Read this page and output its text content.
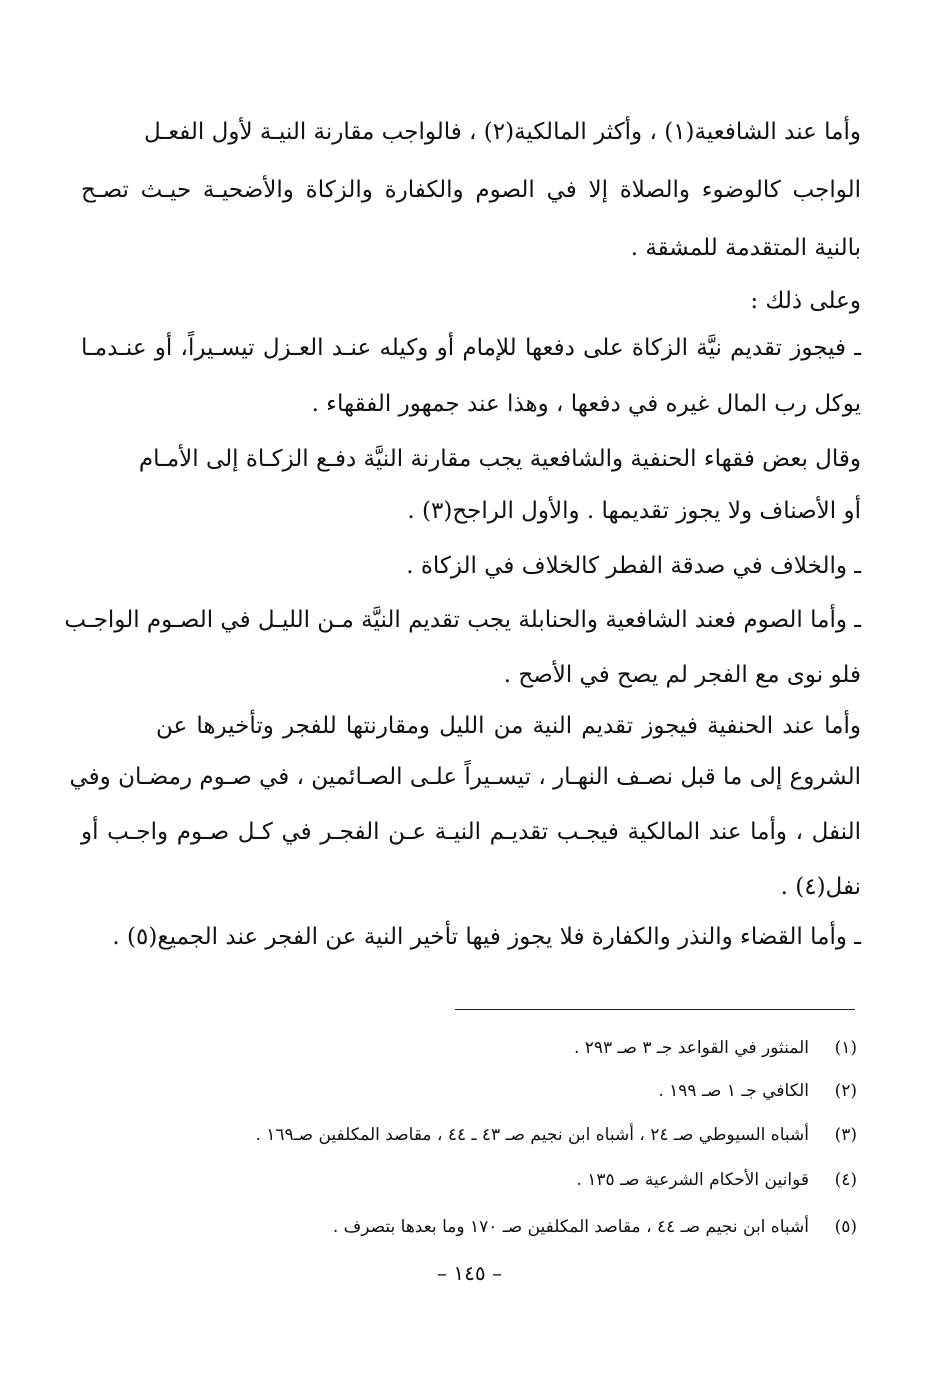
وأما عند الشافعية(١) ، وأكثر المالكية(٢) ، فالواجب مقارنة النيـة لأول الفعـل
الواجب كالوضوء والصلاة إلا في الصوم والكفارة والزكاة والأضحيـة حيـث تصـح
بالنية المتقدمة للمشقة .
وعلى ذلك :
ـ فيجوز تقديم نيَّة الزكاة على دفعها للإمام أو وكيله عنـد العـزل تيسـيراً، أو عنـدمـا
يوكل رب المال غيره في دفعها ، وهذا عند جمهور الفقهاء .
وقال بعض فقهاء الحنفية والشافعية يجب مقارنة النيَّة دفـع الزكـاة إلى الأمـام
أو الأصناف ولا يجوز تقديمها . والأول الراجح(٣) .
ـ والخلاف في صدقة الفطر كالخلاف في الزكاة .
ـ وأما الصوم فعند الشافعية والحنابلة يجب تقديم النيَّة مـن الليـل في الصـوم الواجـب
فلو نوى مع الفجر لم يصح في الأصح .
وأما عند الحنفية فيجوز تقديم النية من الليل ومقارنتها للفجر وتأخيرها عن
الشروع إلى ما قبل نصـف النهـار ، تيسـيراً علـى الصـائمين ، في صـوم رمضـان وفي
النفل ، وأما عند المالكية فيجـب تقديـم النيـة عـن الفجـر في كـل صـوم واجـب أو
نفل(٤) .
ـ وأما القضاء والنذر والكفارة فلا يجوز فيها تأخير النية عن الفجر عند الجميع(٥) .
(١)المنثور في القواعد جـ ٣ صـ ٢٩٣ .
(٢)الكافي جـ ١ صـ ١٩٩ .
(٣)أشباه السيوطي صـ ٢٤ ، أشباه ابن نجيم صـ ٤٣ ـ ٤٤ ، مقاصد المكلفين صـ١٦٩ .
(٤)قوانين الأحكام الشرعية صـ ١٣٥ .
(٥)أشباه ابن نجيم صـ ٤٤ ، مقاصد المكلفين صـ ١٧٠ وما بعدها بتصرف .
– ١٤٥ –
